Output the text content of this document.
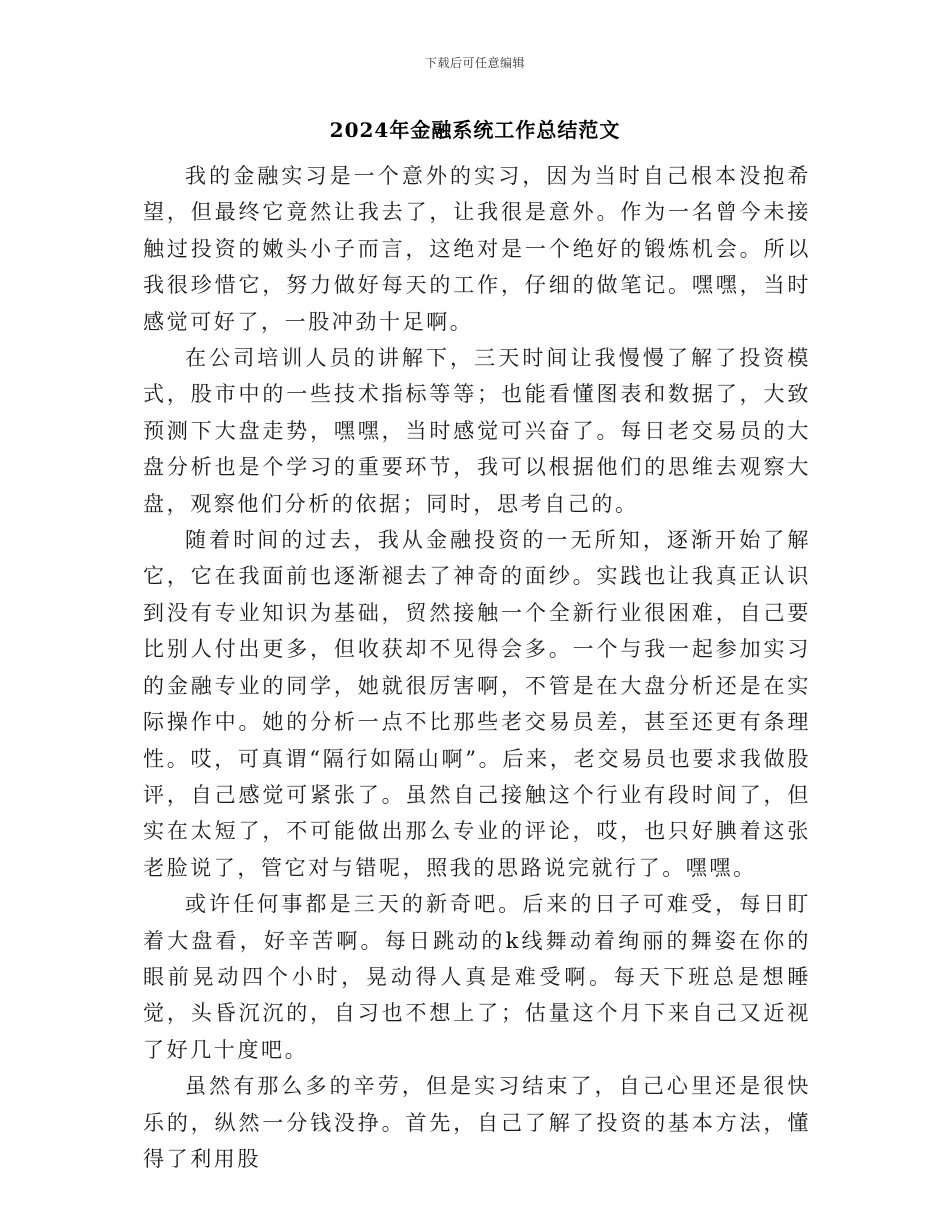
下载后可任意编辑
2024年金融系统工作总结范文

我的金融实习是一个意外的实习，因为当时自己根本没抱希望，但最终它竟然让我去了，让我很是意外。作为一名曾今未接触过投资的嫩头小子而言，这绝对是一个绝好的锻炼机会。所以我很珍惜它，努力做好每天的工作，仔细的做笔记。嘿嘿，当时感觉可好了，一股冲劲十足啊。

在公司培训人员的讲解下，三天时间让我慢慢了解了投资模式，股市中的一些技术指标等等；也能看懂图表和数据了，大致预测下大盘走势，嘿嘿，当时感觉可兴奋了。每日老交易员的大盘分析也是个学习的重要环节，我可以根据他们的思维去观察大盘，观察他们分析的依据；同时，思考自己的。

随着时间的过去，我从金融投资的一无所知，逐渐开始了解它，它在我面前也逐渐褪去了神奇的面纱。实践也让我真正认识到没有专业知识为基础，贸然接触一个全新行业很困难，自己要比别人付出更多，但收获却不见得会多。一个与我一起参加实习的金融专业的同学，她就很厉害啊，不管是在大盘分析还是在实际操作中。她的分析一点不比那些老交易员差，甚至还更有条理性。哎，可真谓“隔行如隔山啊”。后来，老交易员也要求我做股评，自己感觉可紧张了。虽然自己接触这个行业有段时间了，但实在太短了，不可能做出那么专业的评论，哎，也只好腆着这张老脸说了，管它对与错呢，照我的思路说完就行了。嘿嘿。

或许任何事都是三天的新奇吧。后来的日子可难受，每日盯着大盘看，好辛苦啊。每日跳动的k线舞动着绚丽的舞姿在你的眼前晃动四个小时，晃动得人真是难受啊。每天下班总是想睡觉，头昏沉沉的，自习也不想上了；估量这个月下来自己又近视了好几十度吧。

虽然有那么多的辛劳，但是实习结束了，自己心里还是很快乐的，纵然一分钱没挣。首先，自己了解了投资的基本方法，懂得了利用股
